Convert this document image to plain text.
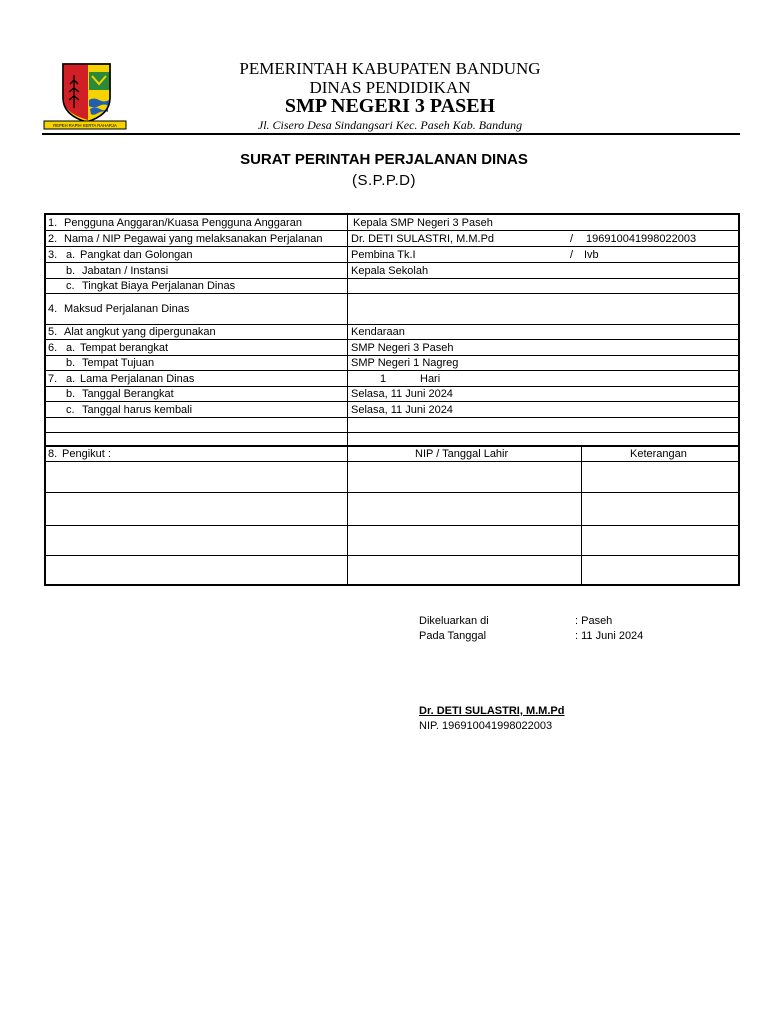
REPEH RAPIH KERTA RAHARJA
PEMERINTAH KABUPATEN BANDUNG
DINAS PENDIDIKAN
SMP NEGERI 3 PASEH
Jl. Cisero Desa Sindangsari Kec. Paseh Kab. Bandung
SURAT PERINTAH PERJALANAN DINAS
(S.P.P.D)
1. Pengguna Anggaran/Kuasa Pengguna Anggaran	Kepala SMP Negeri 3 Paseh
2. Nama / NIP Pegawai yang melaksanakan Perjalanan	Dr. DETI SULASTRI, M.M.Pd	/ 196910041998022003
3. a. Pangkat dan Golongan	Pembina Tk.I	/ Ivb
b. Jabatan / Instansi	Kepala Sekolah
c. Tingkat Biaya Perjalanan Dinas
4. Maksud Perjalanan Dinas
5. Alat angkut yang dipergunakan	Kendaraan
6. a. Tempat berangkat	SMP Negeri 3 Paseh
b. Tempat Tujuan	SMP Negeri 1 Nagreg
7. a. Lama Perjalanan Dinas	1	Hari
b. Tanggal Berangkat	Selasa, 11 Juni 2024
c. Tanggal harus kembali	Selasa, 11 Juni 2024
8. Pengikut :	NIP / Tanggal Lahir	Keterangan
Dikeluarkan di	: Paseh
Pada Tanggal	: 11 Juni 2024
Dr. DETI SULASTRI, M.M.Pd
NIP. 196910041998022003
